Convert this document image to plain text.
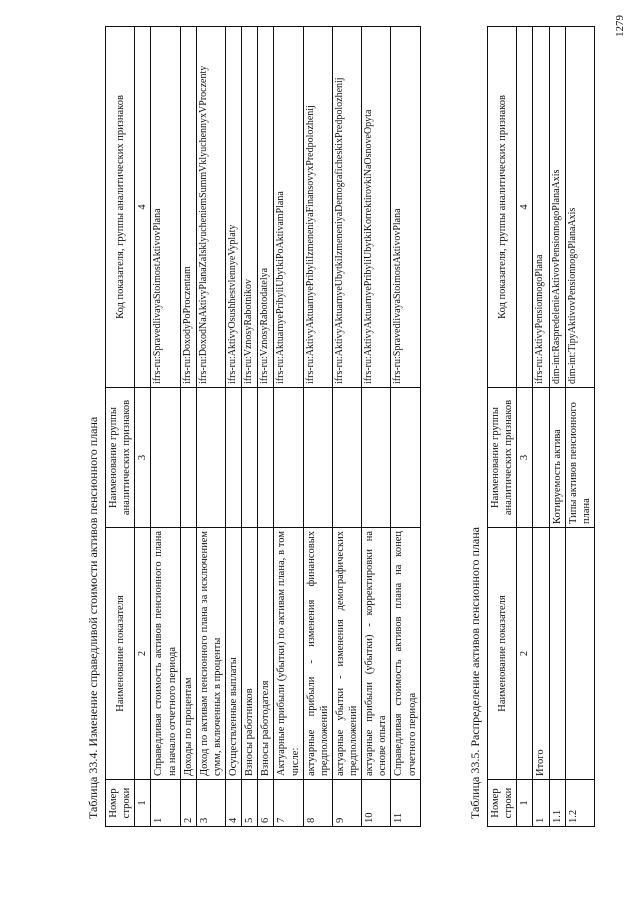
Таблица 33.4. Изменение справедливой стоимости активов пенсионного плана Номер строки	Наименование показателя	Наименование группы аналитических признаков	Код показателя, группы аналитических признаков
1	2	3	4
1	Справедливая стоимость активов пенсионного плана на начало отчетного периода		ifrs-ru:SpravedlivayaStoimostAktivovPlana
2	Доходы по процентам		ifrs-ru:DoxodyPoProczentam
3	Доход по активам пенсионного плана за исключением сумм, включенных в проценты		ifrs-ru:DoxodNaAktivyPlanaZaIsklyucheniemSummVklyuchennyxVProczenty
4	Осуществленные выплаты		ifrs-ru:AktivyOsushhestvlennyeVyplaty
5	Взносы работников		ifrs-ru:VznosyRabotnikov
6	Взносы работодателя		ifrs-ru:VznosyRabotodatelya
7	Актуарные прибыли (убытки) по активам плана, в том числе:		ifrs-ru:AktuarnyePribyliUbytkiPoAktivamPlana
8	актуарные прибыли - изменения финансовых предположений		ifrs-ru:AktivyAktuarnyePribyliIzmeneniyaFinansovyxPredpolozhenij
9	актуарные убытки - изменения демографических предположений		ifrs-ru:AktivyAktuarnyeUbytkiIzmeneniyaDemograficheskixPredpolozhenij
10	актуарные прибыли (убытки) - корректировки на основе опыта		ifrs-ru:AktivyAktuarnyePribyliUbytkiKorrektirovkiNaOsnoveOpyta
11	Справедливая стоимость активов плана на конец отчетного периода		ifrs-ru:SpravedlivayaStoimostAktivovPlana
Таблица 33.5. Распределение активов пенсионного плана Номер строки	Наименование показателя	Наименование группы аналитических признаков	Код показателя, группы аналитических признаков
1	2	3	4
1	Итого		ifrs-ru:AktivyPensionnogoPlana
1.1		Котируемость актива	dim-int:RaspredelenieAktivovPensionnogoPlanaAxis
1.2		Типы активов пенсионного плана	dim-int:TipyAktivovPensionnogoPlanaAxis
1279
